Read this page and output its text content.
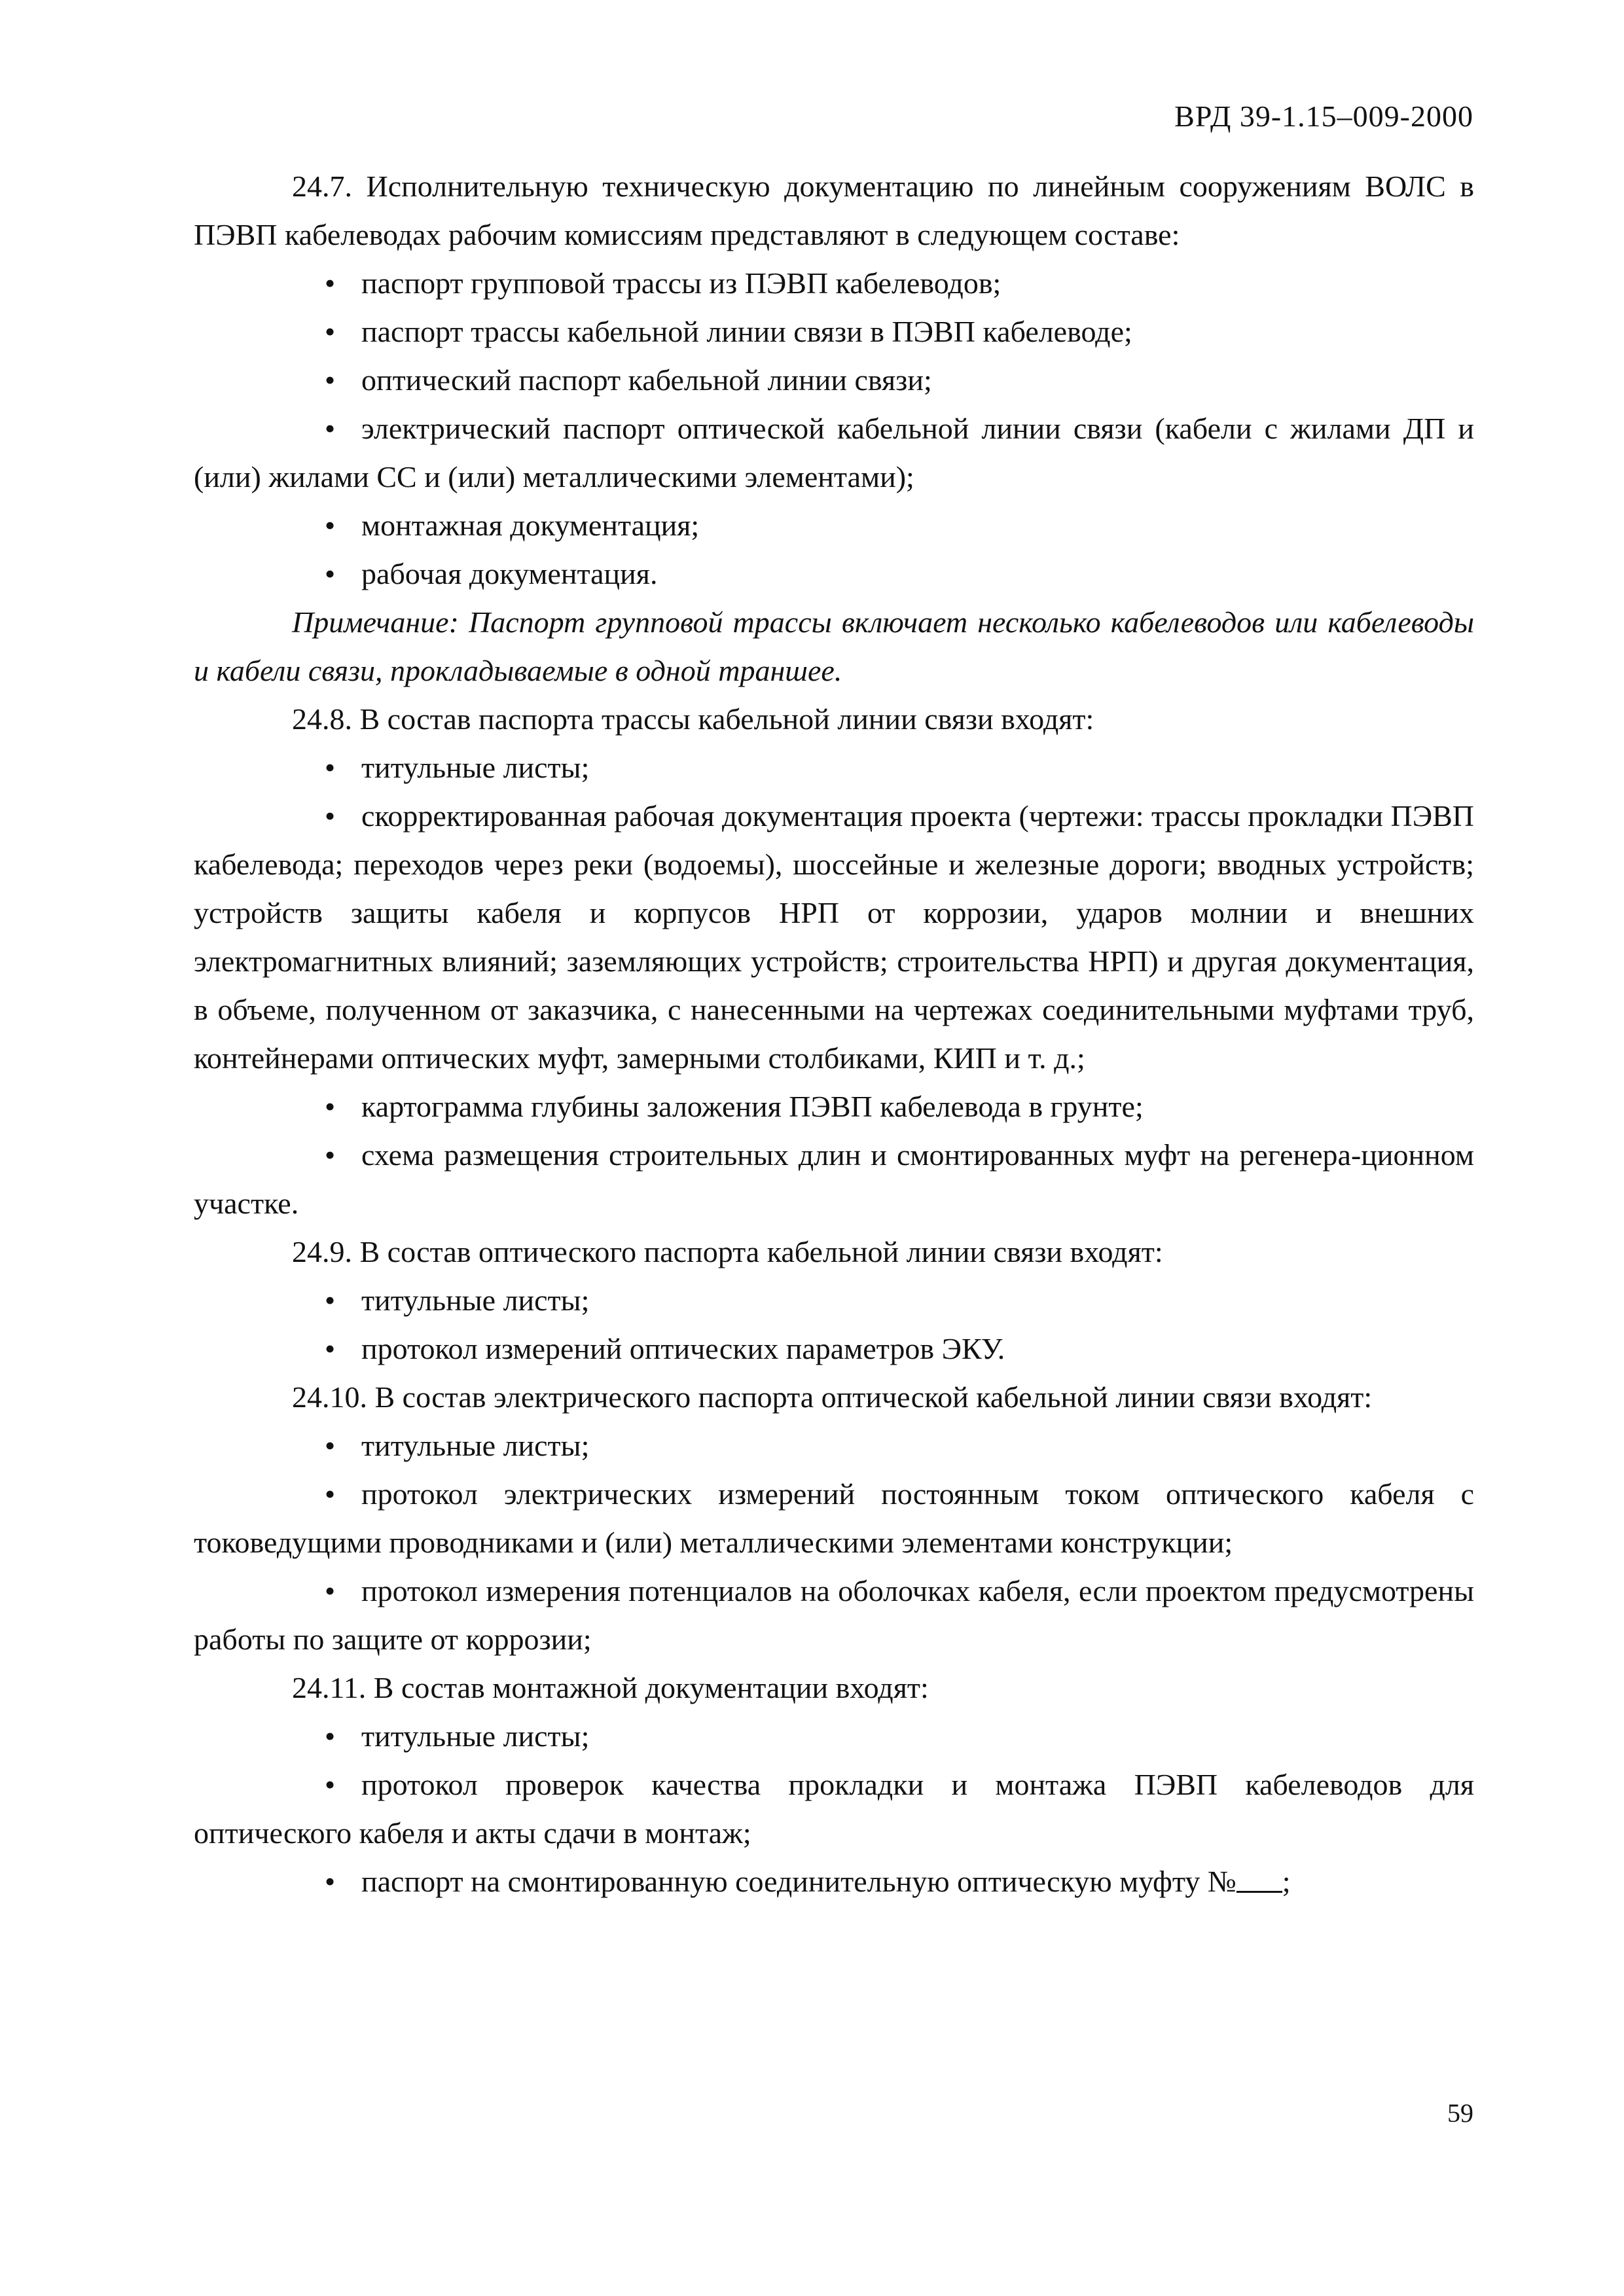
ВРД 39-1.15–009-2000

24.7. Исполнительную техническую документацию по линейным сооружениям ВОЛС в ПЭВП кабелеводах рабочим комиссиям представляют в следующем составе:

• паспорт групповой трассы из ПЭВП кабелеводов;

• паспорт трассы кабельной линии связи в ПЭВП кабелеводе;

• оптический паспорт кабельной линии связи;

• электрический паспорт оптической кабельной линии связи (кабели с жилами ДП и (или) жилами СС и (или) металлическими элементами);

• монтажная документация;

• рабочая документация.

Примечание: Паспорт групповой трассы включает несколько кабелеводов или кабелеводы и кабели связи, прокладываемые в одной траншее.

24.8. В состав паспорта трассы кабельной линии связи входят:

• титульные листы;

• скорректированная рабочая документация проекта (чертежи: трассы прокладки ПЭВП кабелевода; переходов через реки (водоемы), шоссейные и железные дороги; вводных устройств; устройств защиты кабеля и корпусов НРП от коррозии, ударов молнии и внешних электромагнитных влияний; заземляющих устройств; строительства НРП) и другая документация, в объеме, полученном от заказчика, с нанесенными на чертежах соединительными муфтами труб, контейнерами оптических муфт, замерными столбиками, КИП и т. д.;

• картограмма глубины заложения ПЭВП кабелевода в грунте;

• схема размещения строительных длин и смонтированных муфт на регенера-ционном участке.

24.9. В состав оптического паспорта кабельной линии связи входят:

• титульные листы;

• протокол измерений оптических параметров ЭКУ.

24.10. В состав электрического паспорта оптической кабельной линии связи входят:

• титульные листы;

• протокол электрических измерений постоянным током оптического кабеля с токоведущими проводниками и (или) металлическими элементами конструкции;

• протокол измерения потенциалов на оболочках кабеля, если проектом предусмотрены работы по защите от коррозии;

24.11. В состав монтажной документации входят:

• титульные листы;

• протокол проверок качества прокладки и монтажа ПЭВП кабелеводов для оптического кабеля и акты сдачи в монтаж;

• паспорт на смонтированную соединительную оптическую муфту № ;

59
